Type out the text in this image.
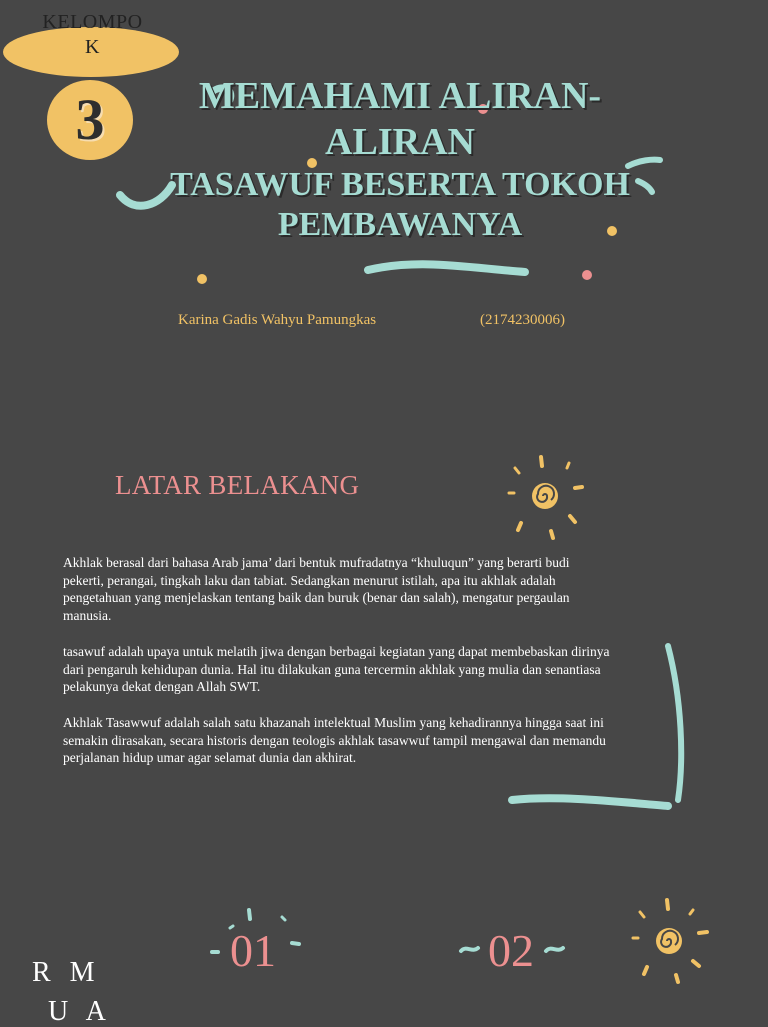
KELOMPO
K
3	MEMAHAMI ALIRAN-
ALIRAN
TASAWUF BESERTA TOKOH
PEMBAWANYA
Karina Gadis Wahyu Pamungkas	(2174230006)
LATAR BELAKANG

Akhlak berasal dari bahasa Arab jama’ dari bentuk mufradatnya “khuluqun” yang berarti budi
pekerti, perangai, tingkah laku dan tabiat. Sedangkan menurut istilah, apa itu akhlak adalah
pengetahuan yang menjelaskan tentang baik dan buruk (benar dan salah), mengatur pergaulan
manusia.

tasawuf adalah upaya untuk melatih jiwa dengan berbagai kegiatan yang dapat membebaskan dirinya
dari pengaruh kehidupan dunia. Hal itu dilakukan guna tercermin akhlak yang mulia dan senantiasa
pelakunya dekat dengan Allah SWT.

Akhlak Tasawwuf adalah salah satu khazanah intelektual Muslim yang kehadirannya hingga saat ini
semakin dirasakan, secara historis dengan teologis akhlak tasawwuf tampil mengawal dan memandu
perjalanan hidup umar agar selamat dunia dan akhirat.

01	02
R M
U A
